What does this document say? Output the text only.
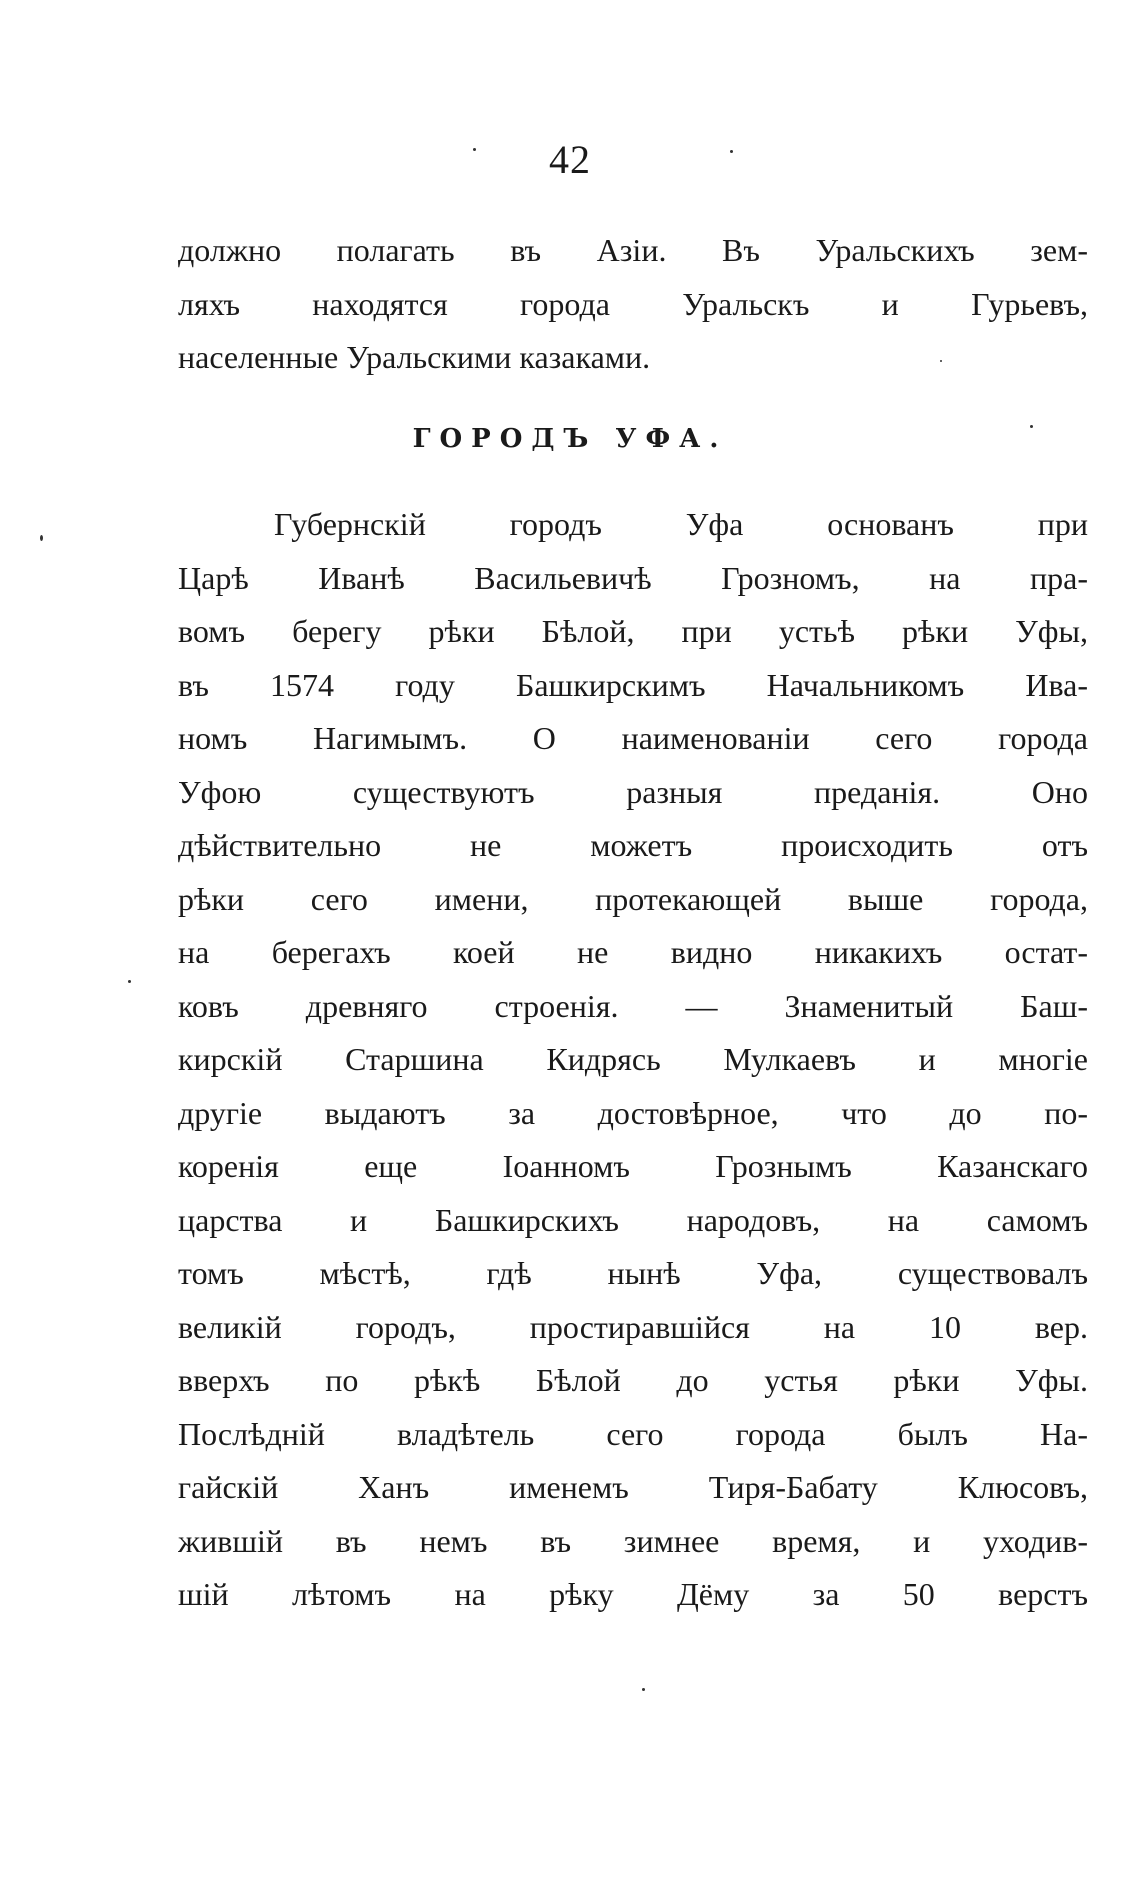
42
должно полагать въ Азіи. Въ Уральскихъ зем-
ляхъ находятся города Уральскъ и Гурьевъ,
населенные Уральскими казаками.
ГОРОДЪ УФА.
Губернскій городъ Уфа основанъ при
Царѣ Иванѣ Васильевичѣ Грозномъ, на пра-
вомъ берегу рѣки Бѣлой, при устьѣ рѣки Уфы,
въ 1574 году Башкирскимъ Начальникомъ Ива-
номъ Нагимымъ. О наименованіи сего города
Уфою существуютъ разныя преданія. Оно
дѣйствительно не можетъ происходить отъ
рѣки сего имени, протекающей выше города,
на берегахъ коей не видно никакихъ остат-
ковъ древняго строенія. — Знаменитый Баш-
кирскій Старшина Кидрясь Мулкаевъ и многіе
другіе выдаютъ за достовѣрное, что до по-
коренія еще Іоанномъ Грознымъ Казанскаго
царства и Башкирскихъ народовъ, на самомъ
томъ мѣстѣ, гдѣ нынѣ Уфа, существовалъ
великій городъ, простиравшійся на 10 вер.
вверхъ по рѣкѣ Бѣлой до устья рѣки Уфы.
Послѣдній владѣтель сего города былъ На-
гайскій Ханъ именемъ Тиря-Бабату Клюсовъ,
жившій въ немъ въ зимнее время, и уходив-
шій лѣтомъ на рѣку Дёму за 50 верстъ
